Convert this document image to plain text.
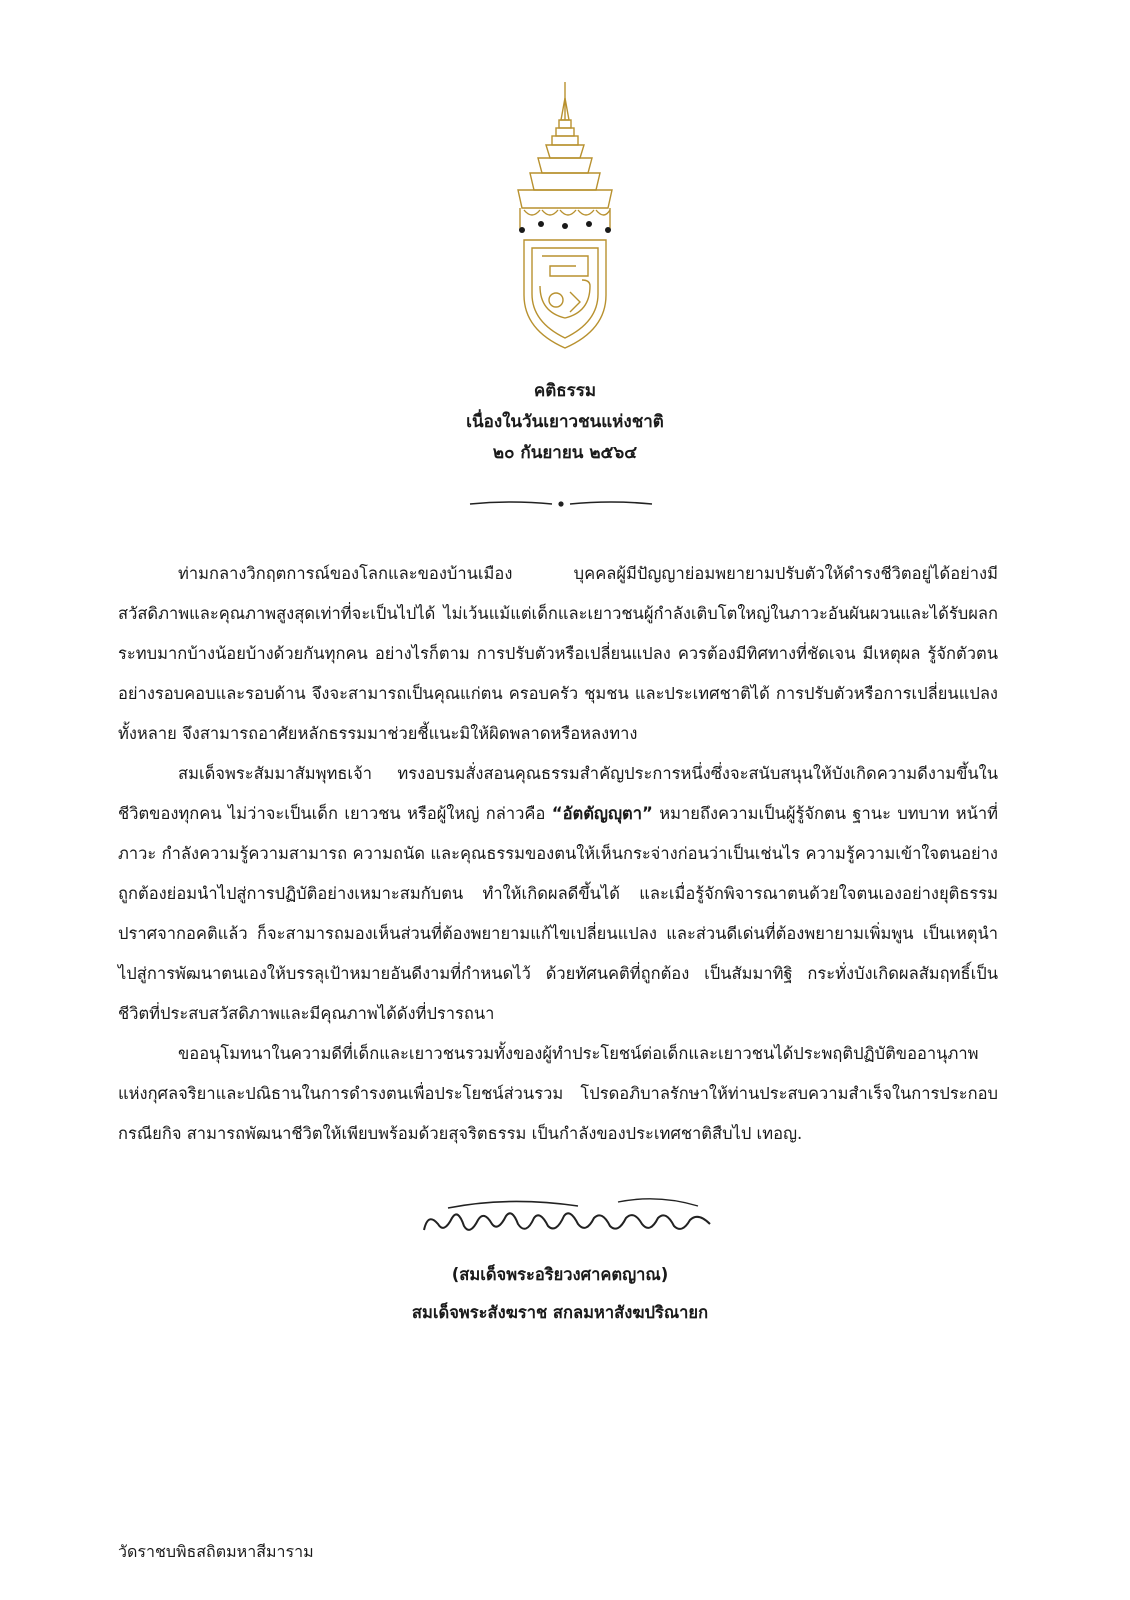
คติธรรม
เนื่องในวันเยาวชนแห่งชาติ
๒๐ กันยายน ๒๕๖๔

ท่ามกลางวิกฤตการณ์ของโลกและของบ้านเมือง บุคคลผู้มีปัญญาย่อมพยายามปรับตัวให้ดำรงชีวิตอยู่ได้อย่างมีสวัสดิภาพและคุณภาพสูงสุดเท่าที่จะเป็นไปได้ ไม่เว้นแม้แต่เด็กและเยาวชนผู้กำลังเติบโตใหญ่ในภาวะอันผันผวนและได้รับผลกระทบมากบ้างน้อยบ้างด้วยกันทุกคน อย่างไรก็ตาม การปรับตัวหรือเปลี่ยนแปลง ควรต้องมีทิศทางที่ชัดเจน มีเหตุผล รู้จักตัวตนอย่างรอบคอบและรอบด้าน จึงจะสามารถเป็นคุณแก่ตน ครอบครัว ชุมชน และประเทศชาติได้ การปรับตัวหรือการเปลี่ยนแปลงทั้งหลาย จึงสามารถอาศัยหลักธรรมมาช่วยชี้แนะมิให้ผิดพลาดหรือหลงทาง

สมเด็จพระสัมมาสัมพุทธเจ้า ทรงอบรมสั่งสอนคุณธรรมสำคัญประการหนึ่งซึ่งจะสนับสนุนให้บังเกิดความดีงามขึ้นในชีวิตของทุกคน ไม่ว่าจะเป็นเด็ก เยาวชน หรือผู้ใหญ่ กล่าวคือ “อัตตัญญุตา” หมายถึงความเป็นผู้รู้จักตน ฐานะ บทบาท หน้าที่ ภาวะ กำลังความรู้ความสามารถ ความถนัด และคุณธรรมของตนให้เห็นกระจ่างก่อนว่าเป็นเช่นไร ความรู้ความเข้าใจตนอย่างถูกต้องย่อมนำไปสู่การปฏิบัติอย่างเหมาะสมกับตน ทำให้เกิดผลดีขึ้นได้ และเมื่อรู้จักพิจารณาตนด้วยใจตนเองอย่างยุติธรรมปราศจากอคติแล้ว ก็จะสามารถมองเห็นส่วนที่ต้องพยายามแก้ไขเปลี่ยนแปลง และส่วนดีเด่นที่ต้องพยายามเพิ่มพูน เป็นเหตุนำไปสู่การพัฒนาตนเองให้บรรลุเป้าหมายอันดีงามที่กำหนดไว้ ด้วยทัศนคติที่ถูกต้อง เป็นสัมมาทิฐิ กระทั่งบังเกิดผลสัมฤทธิ์เป็นชีวิตที่ประสบสวัสดิภาพและมีคุณภาพได้ดังที่ปรารถนา

ขออนุโมทนาในความดีที่เด็กและเยาวชนรวมทั้งของผู้ทำประโยชน์ต่อเด็กและเยาวชนได้ประพฤติปฏิบัติขออานุภาพแห่งกุศลจริยาและปณิธานในการดำรงตนเพื่อประโยชน์ส่วนรวม โปรดอภิบาลรักษาให้ท่านประสบความสำเร็จในการประกอบกรณียกิจ สามารถพัฒนาชีวิตให้เพียบพร้อมด้วยสุจริตธรรม เป็นกำลังของประเทศชาติสืบไป เทอญ.

(สมเด็จพระอริยวงศาคตญาณ)
สมเด็จพระสังฆราช สกลมหาสังฆปริณายก
วัดราชบพิธสถิตมหาสีมาราม
